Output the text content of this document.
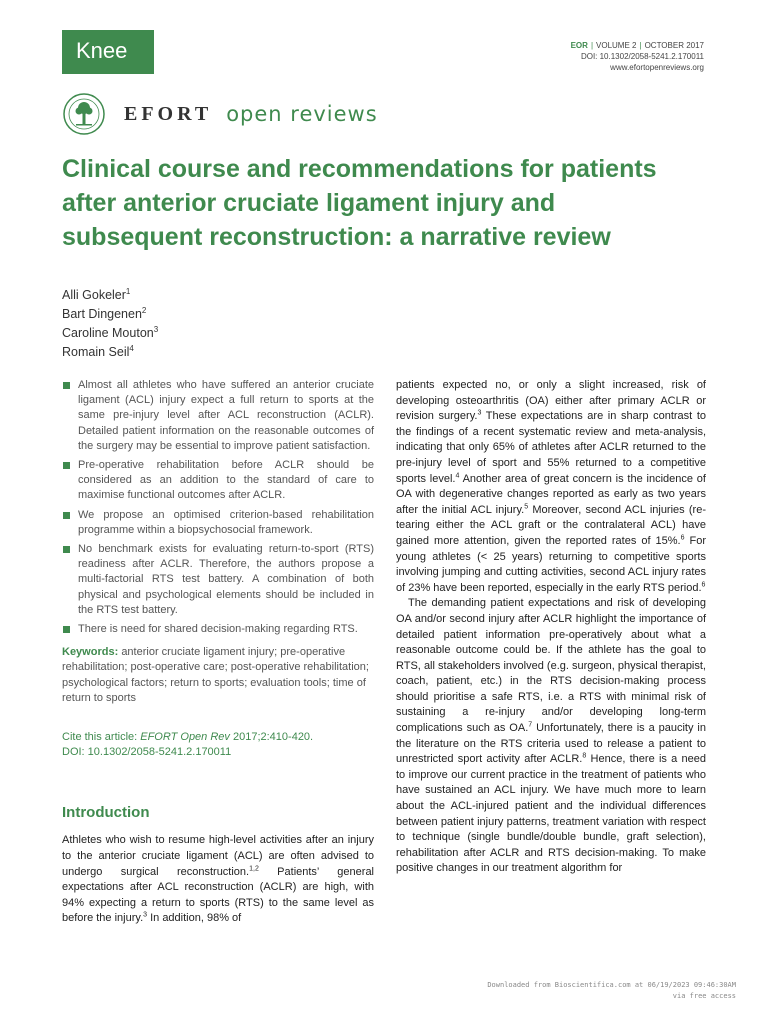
Knee	EOR | VOLUME 2 | OCTOBER 2017
DOI: 10.1302/2058-5241.2.170011
www.efortopenreviews.org
EFORT open reviews
Clinical course and recommendations for patients after anterior cruciate ligament injury and subsequent reconstruction: a narrative review
Alli Gokeler$^1$
Bart Dingenen$^2$
Caroline Mouton$^3$
Romain Seil$^4$
Almost all athletes who have suffered an anterior cruciate ligament (ACL) injury expect a full return to sports at the same pre-injury level after ACL reconstruction (ACLR). Detailed patient information on the reasonable outcomes of the surgery may be essential to improve patient satisfaction.
Pre-operative rehabilitation before ACLR should be considered as an addition to the standard of care to maximise functional outcomes after ACLR.
We propose an optimised criterion-based rehabilitation programme within a biopsychosocial framework.
No benchmark exists for evaluating return-to-sport (RTS) readiness after ACLR. Therefore, the authors propose a multi-factorial RTS test battery. A combination of both physical and psychological elements should be included in the RTS test battery.
There is need for shared decision-making regarding RTS.

Keywords: anterior cruciate ligament injury; pre-operative rehabilitation; post-operative care; post-operative rehabilitation; psychological factors; return to sports; evaluation tools; time of return to sports

Cite this article: EFORT Open Rev 2017;2:410-420.
DOI: 10.1302/2058-5241.2.170011
Introduction

Athletes who wish to resume high-level activities after an injury to the anterior cruciate ligament (ACL) are often advised to undergo surgical reconstruction.$^{1,2}$ Patients’ general expectations after ACL reconstruction (ACLR) are high, with 94% expecting a return to sports (RTS) to the same level as before the injury.$^3$ In addition, 98% of

patients expected no, or only a slight increased, risk of developing osteoarthritis (OA) either after primary ACLR or revision surgery.$^3$ These expectations are in sharp contrast to the findings of a recent systematic review and meta-analysis, indicating that only 65% of athletes after ACLR returned to the pre-injury level of sport and 55% returned to a competitive sports level.$^4$ Another area of great concern is the incidence of OA with degenerative changes reported as early as two years after the initial ACL injury.$^5$ Moreover, second ACL injuries (re-tearing either the ACL graft or the contralateral ACL) have gained more attention, given the reported rates of 15%.$^6$ For young athletes (< 25 years) returning to competitive sports involving jumping and cutting activities, second ACL injury rates of 23% have been reported, especially in the early RTS period.$^6$

The demanding patient expectations and risk of developing OA and/or second injury after ACLR highlight the importance of detailed patient information pre-operatively about what a reasonable outcome could be. If the athlete has the goal to RTS, all stakeholders involved (e.g. surgeon, physical therapist, coach, patient, etc.) in the RTS decision-making process should prioritise a safe RTS, i.e. a RTS with minimal risk of sustaining a re-injury and/or developing long-term complications such as OA.$^7$ Unfortunately, there is a paucity in the literature on the RTS criteria used to release a patient to unrestricted sport activity after ACLR.$^8$ Hence, there is a need to improve our current practice in the treatment of patients who have sustained an ACL injury. We have much more to learn about the ACL-injured patient and the individual differences between patient injury patterns, treatment variation with respect to technique (single bundle/double bundle, graft selection), rehabilitation after ACLR and RTS decision-making. To make positive changes in our treatment algorithm for

Downloaded from Bioscientifica.com at 06/19/2023 09:46:30AM
via free access
